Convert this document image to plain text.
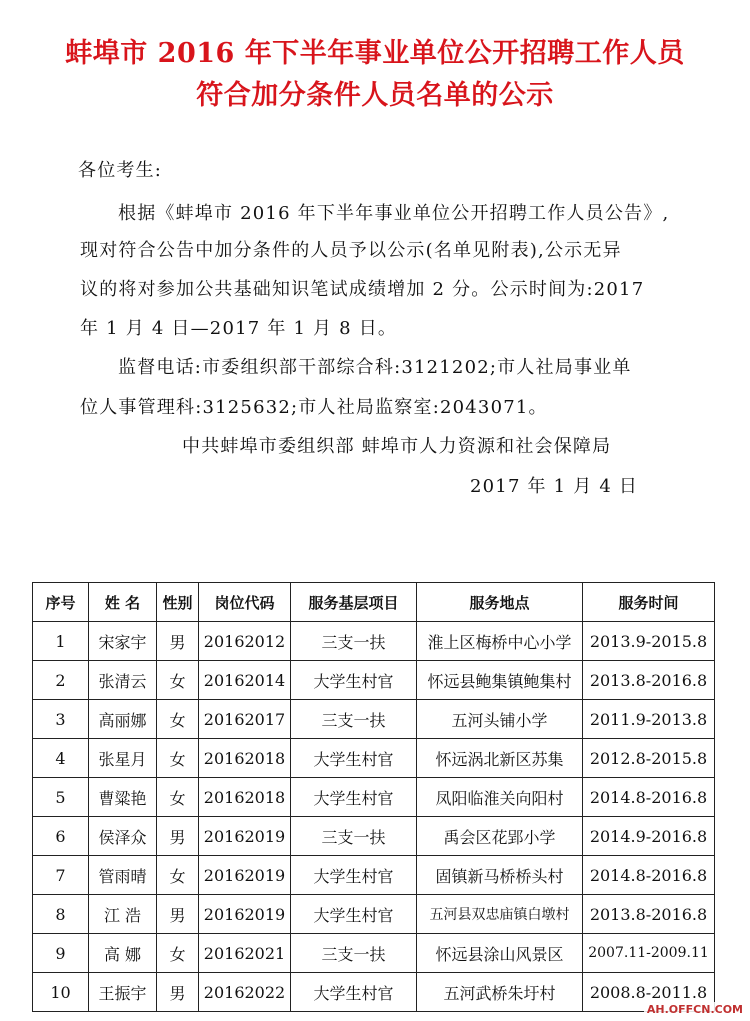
蚌埠市 2016 年下半年事业单位公开招聘工作人员
符合加分条件人员名单的公示
各位考生:
根据《蚌埠市 2016 年下半年事业单位公开招聘工作人员公告》,
现对符合公告中加分条件的人员予以公示(名单见附表),公示无异
议的将对参加公共基础知识笔试成绩增加 2 分。公示时间为:2017
年 1 月 4 日—2017 年 1 月 8 日。
监督电话:市委组织部干部综合科:3121202;市人社局事业单
位人事管理科:3125632;市人社局监察室:2043071。
中共蚌埠市委组织部 蚌埠市人力资源和社会保障局
2017 年 1 月 4 日
序号	姓 名	性别	岗位代码	服务基层项目	服务地点	服务时间
1	宋家宇	男	20162012	三支一扶	淮上区梅桥中心小学	2013.9-2015.8
2	张清云	女	20162014	大学生村官	怀远县鲍集镇鲍集村	2013.8-2016.8
3	高丽娜	女	20162017	三支一扶	五河头铺小学	2011.9-2013.8
4	张星月	女	20162018	大学生村官	怀远涡北新区苏集	2012.8-2015.8
5	曹粱艳	女	20162018	大学生村官	凤阳临淮关向阳村	2014.8-2016.8
6	侯泽众	男	20162019	三支一扶	禹会区花郢小学	2014.9-2016.8
7	管雨晴	女	20162019	大学生村官	固镇新马桥桥头村	2014.8-2016.8
8	江 浩	男	20162019	大学生村官	五河县双忠庙镇白墩村	2013.8-2016.8
9	高 娜	女	20162021	三支一扶	怀远县涂山风景区	2007.11-2009.11
10	王振宇	男	20162022	大学生村官	五河武桥朱圩村	2008.8-2011.8
AH.OFFCN.COM
